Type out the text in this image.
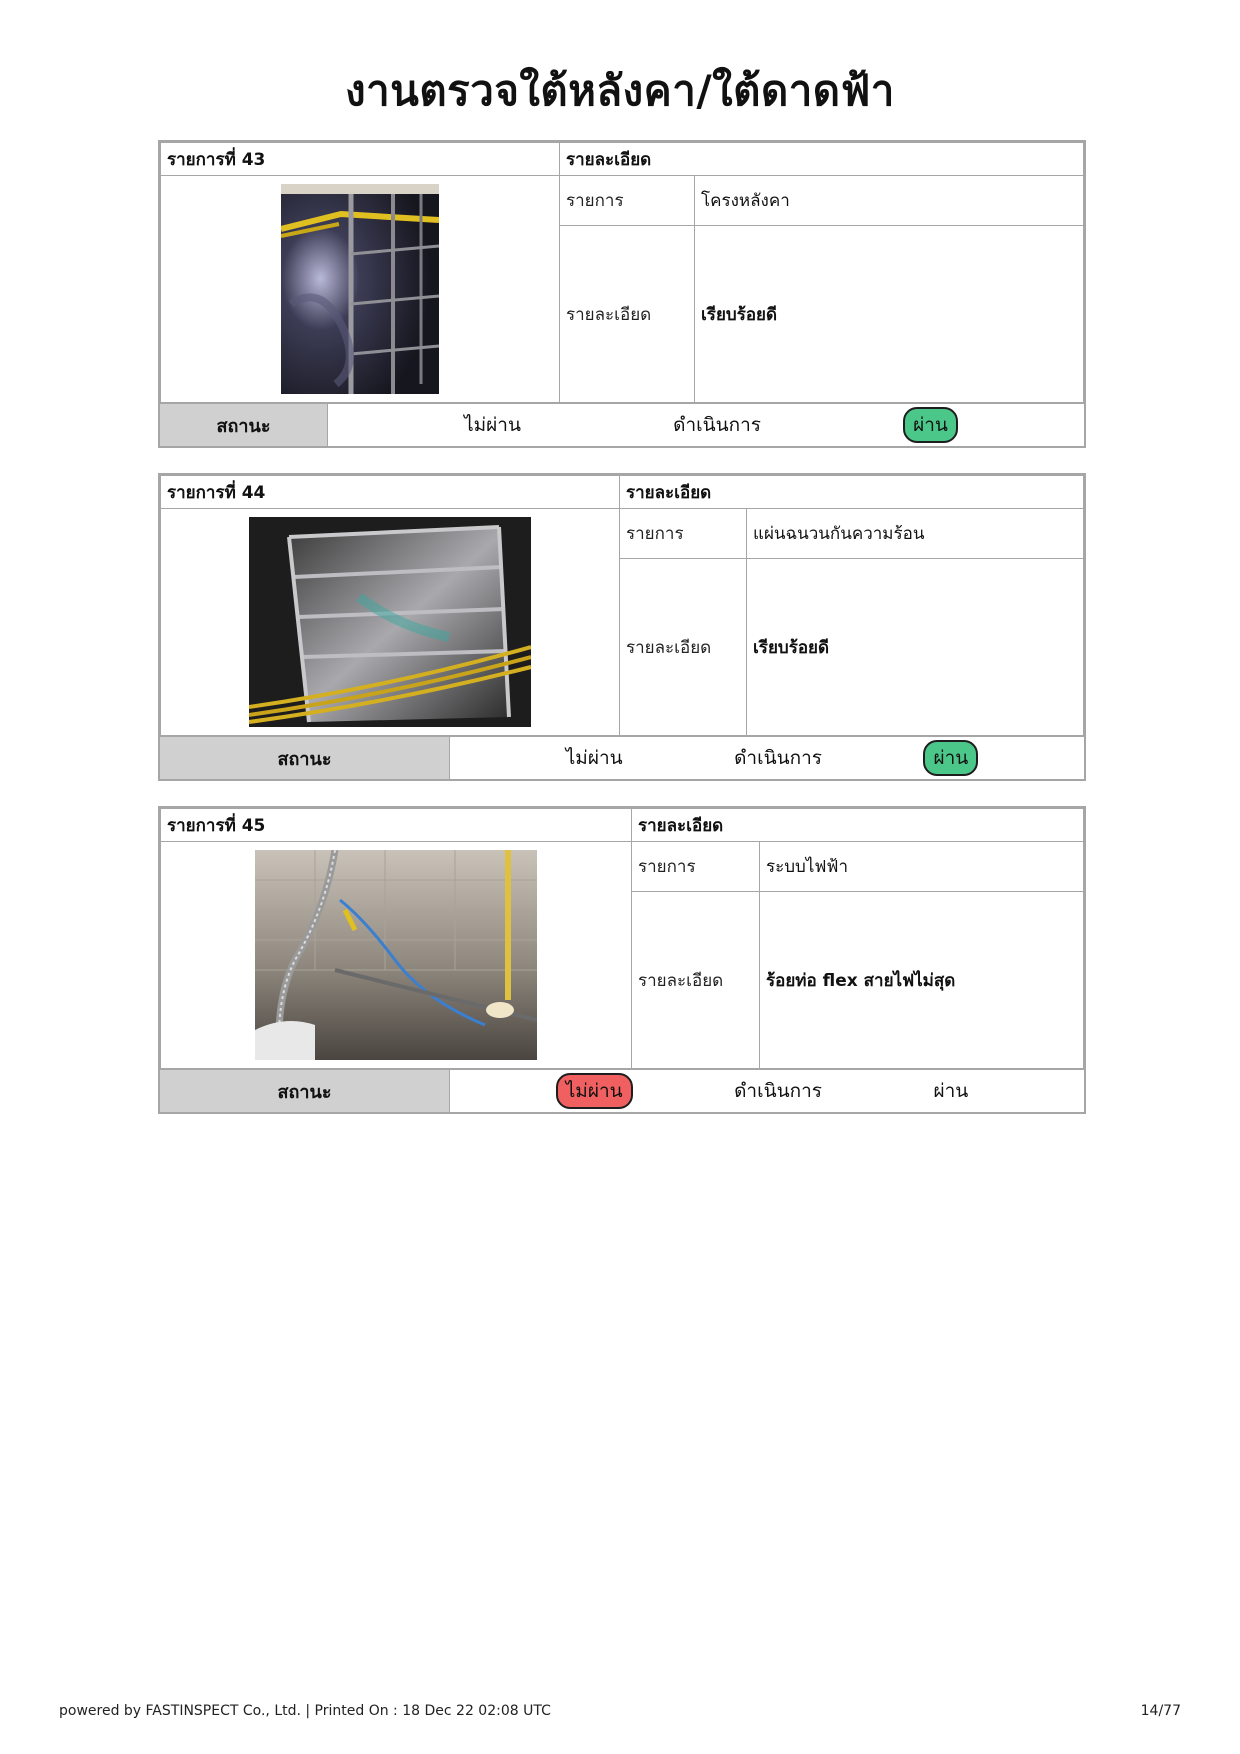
งานตรวจใต้หลังคา/ใต้ดาดฟ้า
รายการที่ 43	รายละเอียด	
	รายการ	โครงหลังคา
	รายละเอียด	เรียบร้อยดี
สถานะ	ไม่ผ่าน	ดำเนินการ	ผ่าน
รายการที่ 44	รายละเอียด	
	รายการ	แผ่นฉนวนกันความร้อน
	รายละเอียด	เรียบร้อยดี
สถานะ	ไม่ผ่าน	ดำเนินการ	ผ่าน
รายการที่ 45	รายละเอียด	
	รายการ	ระบบไฟฟ้า
	รายละเอียด	ร้อยท่อ flex สายไฟไม่สุด
สถานะ	ไม่ผ่าน	ดำเนินการ	ผ่าน
powered by FASTINSPECT Co., Ltd. | Printed On : 18 Dec 22 02:08 UTC	14/77
